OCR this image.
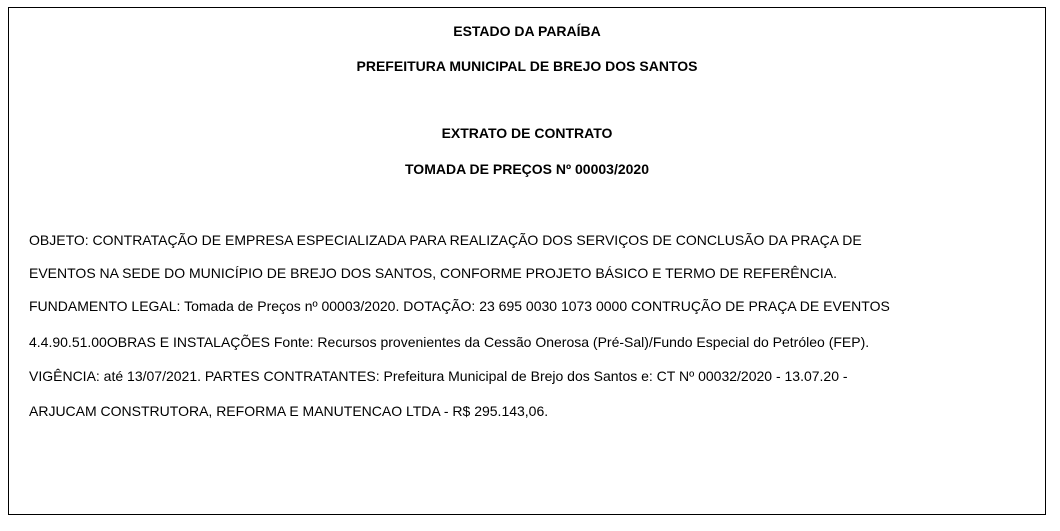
ESTADO DA PARAÍBA

PREFEITURA MUNICIPAL DE BREJO DOS SANTOS

EXTRATO DE CONTRATO

TOMADA DE PREÇOS Nº 00003/2020

OBJETO: CONTRATAÇÃO DE EMPRESA ESPECIALIZADA PARA REALIZAÇÃO DOS SERVIÇOS DE CONCLUSÃO DA PRAÇA DE

EVENTOS NA SEDE DO MUNICÍPIO DE BREJO DOS SANTOS, CONFORME PROJETO BÁSICO E TERMO DE REFERÊNCIA.

FUNDAMENTO LEGAL: Tomada de Preços nº 00003/2020. DOTAÇÃO: 23 695 0030 1073 0000 CONTRUÇÃO DE PRAÇA DE EVENTOS

4.4.90.51.00OBRAS E INSTALAÇÕES Fonte: Recursos provenientes da Cessão Onerosa (Pré-Sal)/Fundo Especial do Petróleo (FEP).

VIGÊNCIA: até 13/07/2021. PARTES CONTRATANTES: Prefeitura Municipal de Brejo dos Santos e: CT Nº 00032/2020 - 13.07.20 -

ARJUCAM CONSTRUTORA, REFORMA E MANUTENCAO LTDA - R$ 295.143,06.
